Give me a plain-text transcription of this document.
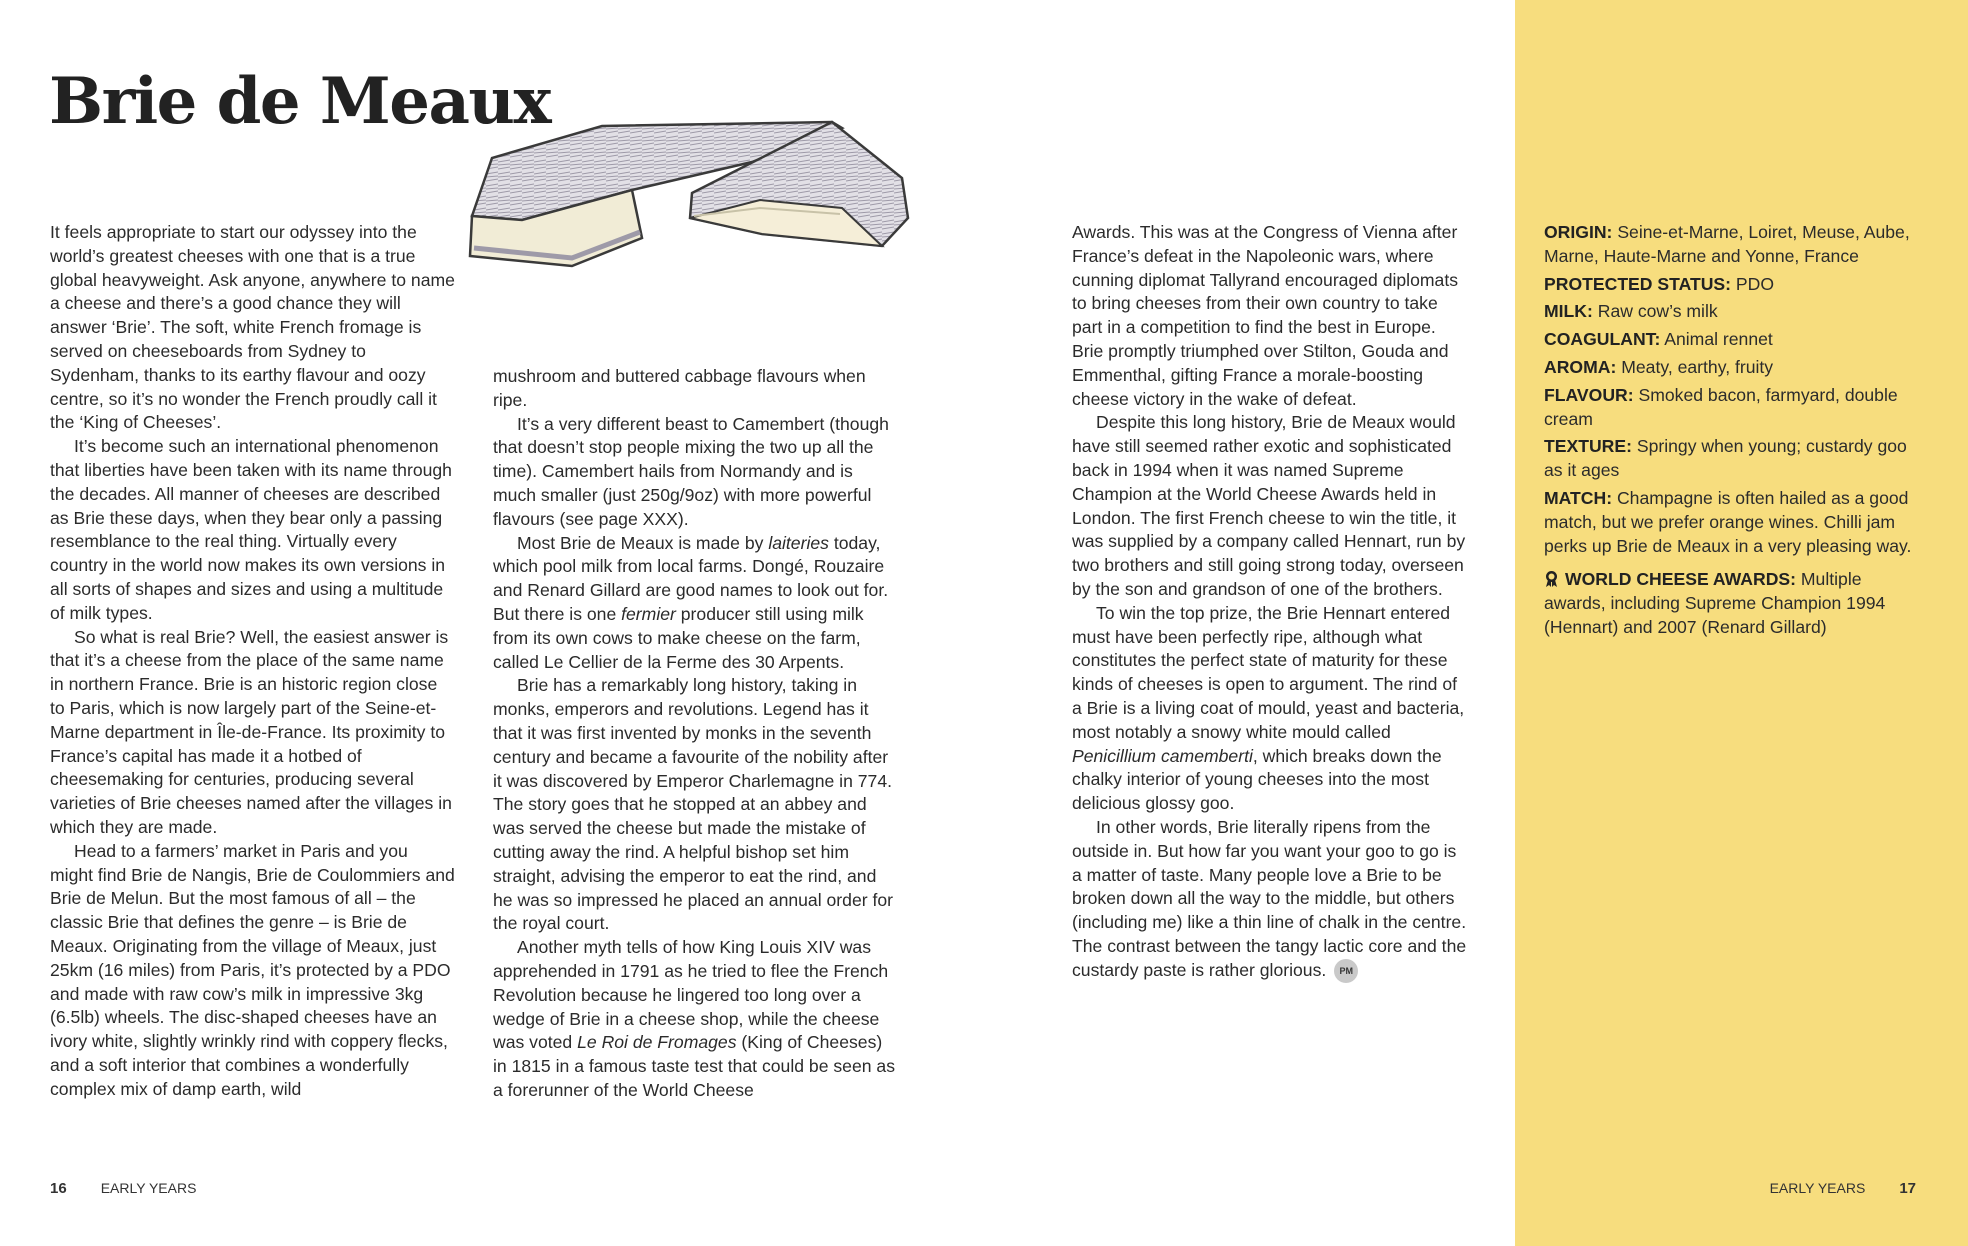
Brie de Meaux

It feels appropriate to start our odyssey into the world’s greatest cheeses with one that is a true global heavyweight. Ask anyone, anywhere to name a cheese and there’s a good chance they will answer ‘Brie’. The soft, white French fromage is served on cheeseboards from Sydney to Sydenham, thanks to its earthy flavour and oozy centre, so it’s no wonder the French proudly call it the ‘King of Cheeses’.

It’s become such an international phenomenon that liberties have been taken with its name through the decades. All manner of cheeses are described as Brie these days, when they bear only a passing resemblance to the real thing. Virtually every country in the world now makes its own versions in all sorts of shapes and sizes and using a multitude of milk types.

So what is real Brie? Well, the easiest answer is that it’s a cheese from the place of the same name in northern France. Brie is an historic region close to Paris, which is now largely part of the Seine-et-Marne department in Île-de-France. Its proximity to France’s capital has made it a hotbed of cheesemaking for centuries, producing several varieties of Brie cheeses named after the villages in which they are made.

Head to a farmers’ market in Paris and you might find Brie de Nangis, Brie de Coulommiers and Brie de Melun. But the most famous of all – the classic Brie that defines the genre – is Brie de Meaux. Originating from the village of Meaux, just 25km (16 miles) from Paris, it’s protected by a PDO and made with raw cow’s milk in impressive 3kg (6.5lb) wheels. The disc-shaped cheeses have an ivory white, slightly wrinkly rind with coppery flecks, and a soft interior that combines a wonderfully complex mix of damp earth, wild

mushroom and buttered cabbage flavours when ripe.

It’s a very different beast to Camembert (though that doesn’t stop people mixing the two up all the time). Camembert hails from Normandy and is much smaller (just 250g/9oz) with more powerful flavours (see page XXX).

Most Brie de Meaux is made by laiteries today, which pool milk from local farms. Dongé, Rouzaire and Renard Gillard are good names to look out for. But there is one fermier producer still using milk from its own cows to make cheese on the farm, called Le Cellier de la Ferme des 30 Arpents.

Brie has a remarkably long history, taking in monks, emperors and revolutions. Legend has it that it was first invented by monks in the seventh century and became a favourite of the nobility after it was discovered by Emperor Charlemagne in 774. The story goes that he stopped at an abbey and was served the cheese but made the mistake of cutting away the rind. A helpful bishop set him straight, advising the emperor to eat the rind, and he was so impressed he placed an annual order for the royal court.

Another myth tells of how King Louis XIV was apprehended in 1791 as he tried to flee the French Revolution because he lingered too long over a wedge of Brie in a cheese shop, while the cheese was voted Le Roi de Fromages (King of Cheeses) in 1815 in a famous taste test that could be seen as a forerunner of the World Cheese

Awards. This was at the Congress of Vienna after France’s defeat in the Napoleonic wars, where cunning diplomat Tallyrand encouraged diplomats to bring cheeses from their own country to take part in a competition to find the best in Europe. Brie promptly triumphed over Stilton, Gouda and Emmenthal, gifting France a morale-boosting cheese victory in the wake of defeat.

Despite this long history, Brie de Meaux would have still seemed rather exotic and sophisticated back in 1994 when it was named Supreme Champion at the World Cheese Awards held in London. The first French cheese to win the title, it was supplied by a company called Hennart, run by two brothers and still going strong today, overseen by the son and grandson of one of the brothers.

To win the top prize, the Brie Hennart entered must have been perfectly ripe, although what constitutes the perfect state of maturity for these kinds of cheeses is open to argument. The rind of a Brie is a living coat of mould, yeast and bacteria, most notably a snowy white mould called Penicillium camemberti, which breaks down the chalky interior of young cheeses into the most delicious glossy goo.

In other words, Brie literally ripens from the outside in. But how far you want your goo to go is a matter of taste. Many people love a Brie to be broken down all the way to the middle, but others (including me) like a thin line of chalk in the centre. The contrast between the tangy lactic core and the custardy paste is rather glorious. PM

ORIGIN: Seine-et-Marne, Loiret, Meuse, Aube, Marne, Haute-Marne and Yonne, France

PROTECTED STATUS: PDO

MILK: Raw cow’s milk

COAGULANT: Animal rennet

AROMA: Meaty, earthy, fruity

FLAVOUR: Smoked bacon, farmyard, double cream

TEXTURE: Springy when young; custardy goo as it ages

MATCH: Champagne is often hailed as a good match, but we prefer orange wines. Chilli jam perks up Brie de Meaux in a very pleasing way.

WORLD CHEESE AWARDS: Multiple awards, including Supreme Champion 1994 (Hennart) and 2007 (Renard Gillard)

16 EARLY YEARS	EARLY YEARS 17
